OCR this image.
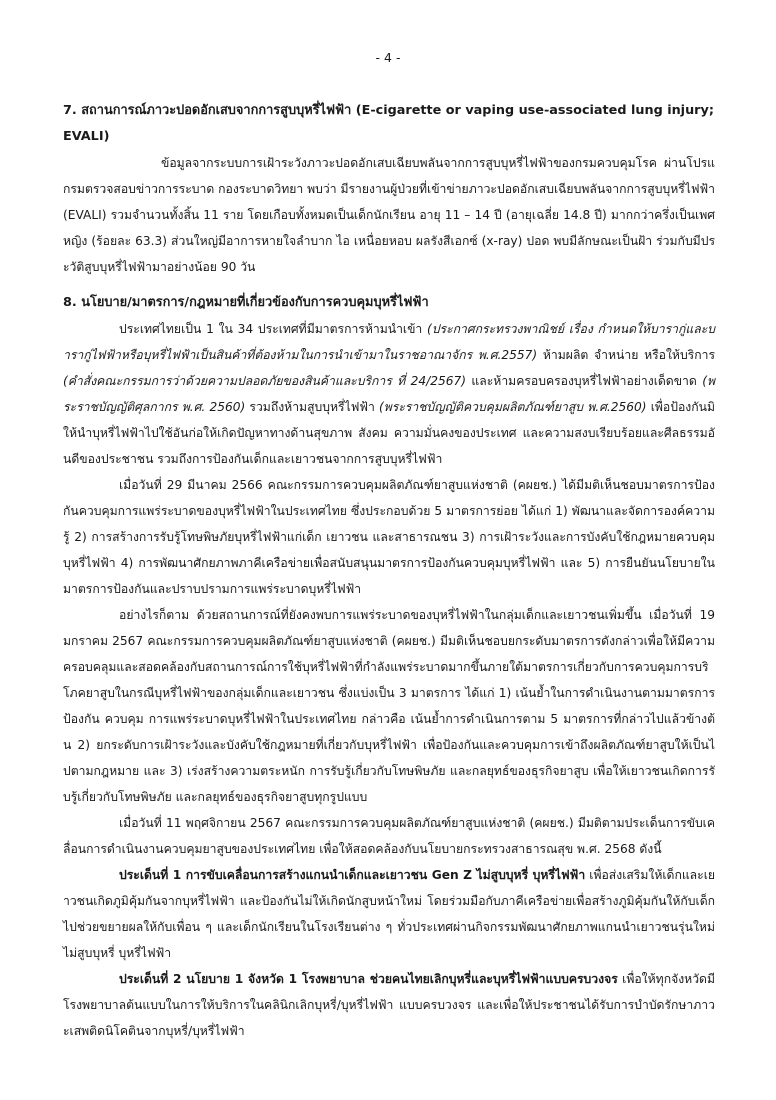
- 4 -

7. สถานการณ์ภาวะปอดอักเสบจากการสูบบุหรี่ไฟฟ้า (E-cigarette or vaping use-associated lung injury; EVALI)

ข้อมูลจากระบบการเฝ้าระวังภาวะปอดอักเสบเฉียบพลันจากการสูบบุหรี่ไฟฟ้าของกรมควบคุมโรค ผ่านโปรแกรมตรวจสอบข่าวการระบาด กองระบาดวิทยา พบว่า มีรายงานผู้ป่วยที่เข้าข่ายภาวะปอดอักเสบเฉียบพลันจากการสูบบุหรี่ไฟฟ้า (EVALI) รวมจำนวนทั้งสิ้น 11 ราย โดยเกือบทั้งหมดเป็นเด็กนักเรียน อายุ 11 – 14 ปี (อายุเฉลี่ย 14.8 ปี) มากกว่าครึ่งเป็นเพศหญิง (ร้อยละ 63.3) ส่วนใหญ่มีอาการหายใจลำบาก ไอ เหนื่อยหอบ ผลรังสีเอกซ์ (x-ray) ปอด พบมีลักษณะเป็นฝ้า ร่วมกับมีประวัติสูบบุหรี่ไฟฟ้ามาอย่างน้อย 90 วัน

8. นโยบาย/มาตรการ/กฎหมายที่เกี่ยวข้องกับการควบคุมบุหรี่ไฟฟ้า

ประเทศไทยเป็น 1 ใน 34 ประเทศที่มีมาตรการห้ามนำเข้า (ประกาศกระทรวงพาณิชย์ เรื่อง กำหนดให้บารากู่และบารากู่ไฟฟ้าหรือบุหรี่ไฟฟ้าเป็นสินค้าที่ต้องห้ามในการนำเข้ามาในราชอาณาจักร พ.ศ.2557) ห้ามผลิต จำหน่าย หรือให้บริการ (คำสั่งคณะกรรมการว่าด้วยความปลอดภัยของสินค้าและบริการ ที่ 24/2567) และห้ามครอบครองบุหรี่ไฟฟ้าอย่างเด็ดขาด (พระราชบัญญัติศุลกากร พ.ศ. 2560) รวมถึงห้ามสูบบุหรี่ไฟฟ้า (พระราชบัญญัติควบคุมผลิตภัณฑ์ยาสูบ พ.ศ.2560) เพื่อป้องกันมิให้นำบุหรี่ไฟฟ้าไปใช้อันก่อให้เกิดปัญหาทางด้านสุขภาพ สังคม ความมั่นคงของประเทศ และความสงบเรียบร้อยและศีลธรรมอันดีของประชาชน รวมถึงการป้องกันเด็กและเยาวชนจากการสูบบุหรี่ไฟฟ้า

เมื่อวันที่ 29 มีนาคม 2566 คณะกรรมการควบคุมผลิตภัณฑ์ยาสูบแห่งชาติ (คผยช.) ได้มีมติเห็นชอบมาตรการป้องกันควบคุมการแพร่ระบาดของบุหรี่ไฟฟ้าในประเทศไทย ซึ่งประกอบด้วย 5 มาตรการย่อย ได้แก่ 1) พัฒนาและจัดการองค์ความรู้ 2) การสร้างการรับรู้โทษพิษภัยบุหรี่ไฟฟ้าแก่เด็ก เยาวชน และสาธารณชน 3) การเฝ้าระวังและการบังคับใช้กฎหมายควบคุมบุหรี่ไฟฟ้า 4) การพัฒนาศักยภาพภาคีเครือข่ายเพื่อสนับสนุนมาตรการป้องกันควบคุมบุหรี่ไฟฟ้า และ 5) การยืนยันนโยบายในมาตรการป้องกันและปราบปรามการแพร่ระบาดบุหรี่ไฟฟ้า

อย่างไรก็ตาม ด้วยสถานการณ์ที่ยังคงพบการแพร่ระบาดของบุหรี่ไฟฟ้าในกลุ่มเด็กและเยาวชนเพิ่มขึ้น เมื่อวันที่ 19 มกราคม 2567 คณะกรรมการควบคุมผลิตภัณฑ์ยาสูบแห่งชาติ (คผยช.) มีมติเห็นชอบยกระดับมาตรการดังกล่าวเพื่อให้มีความครอบคลุมและสอดคล้องกับสถานการณ์การใช้บุหรี่ไฟฟ้าที่กำลังแพร่ระบาดมากขึ้นภายใต้มาตรการเกี่ยวกับการควบคุมการบริโภคยาสูบในกรณีบุหรี่ไฟฟ้าของกลุ่มเด็กและเยาวชน ซึ่งแบ่งเป็น 3 มาตรการ ได้แก่ 1) เน้นย้ำในการดำเนินงานตามมาตรการป้องกัน ควบคุม การแพร่ระบาดบุหรี่ไฟฟ้าในประเทศไทย กล่าวคือ เน้นย้ำการดำเนินการตาม 5 มาตรการที่กล่าวไปแล้วข้างต้น 2) ยกระดับการเฝ้าระวังและบังคับใช้กฎหมายที่เกี่ยวกับบุหรี่ไฟฟ้า เพื่อป้องกันและควบคุมการเข้าถึงผลิตภัณฑ์ยาสูบให้เป็นไปตามกฎหมาย และ 3) เร่งสร้างความตระหนัก การรับรู้เกี่ยวกับโทษพิษภัย และกลยุทธ์ของธุรกิจยาสูบ เพื่อให้เยาวชนเกิดการรับรู้เกี่ยวกับโทษพิษภัย และกลยุทธ์ของธุรกิจยาสูบทุกรูปแบบ

เมื่อวันที่ 11 พฤศจิกายน 2567 คณะกรรมการควบคุมผลิตภัณฑ์ยาสูบแห่งชาติ (คผยช.) มีมติตามประเด็นการขับเคลื่อนการดำเนินงานควบคุมยาสูบของประเทศไทย เพื่อให้สอดคล้องกับนโยบายกระทรวงสาธารณสุข พ.ศ. 2568 ดังนี้

ประเด็นที่ 1 การขับเคลื่อนการสร้างแกนนำเด็กและเยาวชน Gen Z ไม่สูบบุหรี่ บุหรี่ไฟฟ้า เพื่อส่งเสริมให้เด็กและเยาวชนเกิดภูมิคุ้มกันจากบุหรี่ไฟฟ้า และป้องกันไม่ให้เกิดนักสูบหน้าใหม่ โดยร่วมมือกับภาคีเครือข่ายเพื่อสร้างภูมิคุ้มกันให้กับเด็กไปช่วยขยายผลให้กับเพื่อน ๆ และเด็กนักเรียนในโรงเรียนต่าง ๆ ทั่วประเทศผ่านกิจกรรมพัฒนาศักยภาพแกนนำเยาวชนรุ่นใหม่ไม่สูบบุหรี่ บุหรี่ไฟฟ้า

ประเด็นที่ 2 นโยบาย 1 จังหวัด 1 โรงพยาบาล ช่วยคนไทยเลิกบุหรี่และบุหรี่ไฟฟ้าแบบครบวงจร เพื่อให้ทุกจังหวัดมีโรงพยาบาลต้นแบบในการให้บริการในคลินิกเลิกบุหรี่/บุหรี่ไฟฟ้า แบบครบวงจร และเพื่อให้ประชาชนได้รับการบำบัดรักษาภาวะเสพติดนิโคตินจากบุหรี่/บุหรี่ไฟฟ้า
